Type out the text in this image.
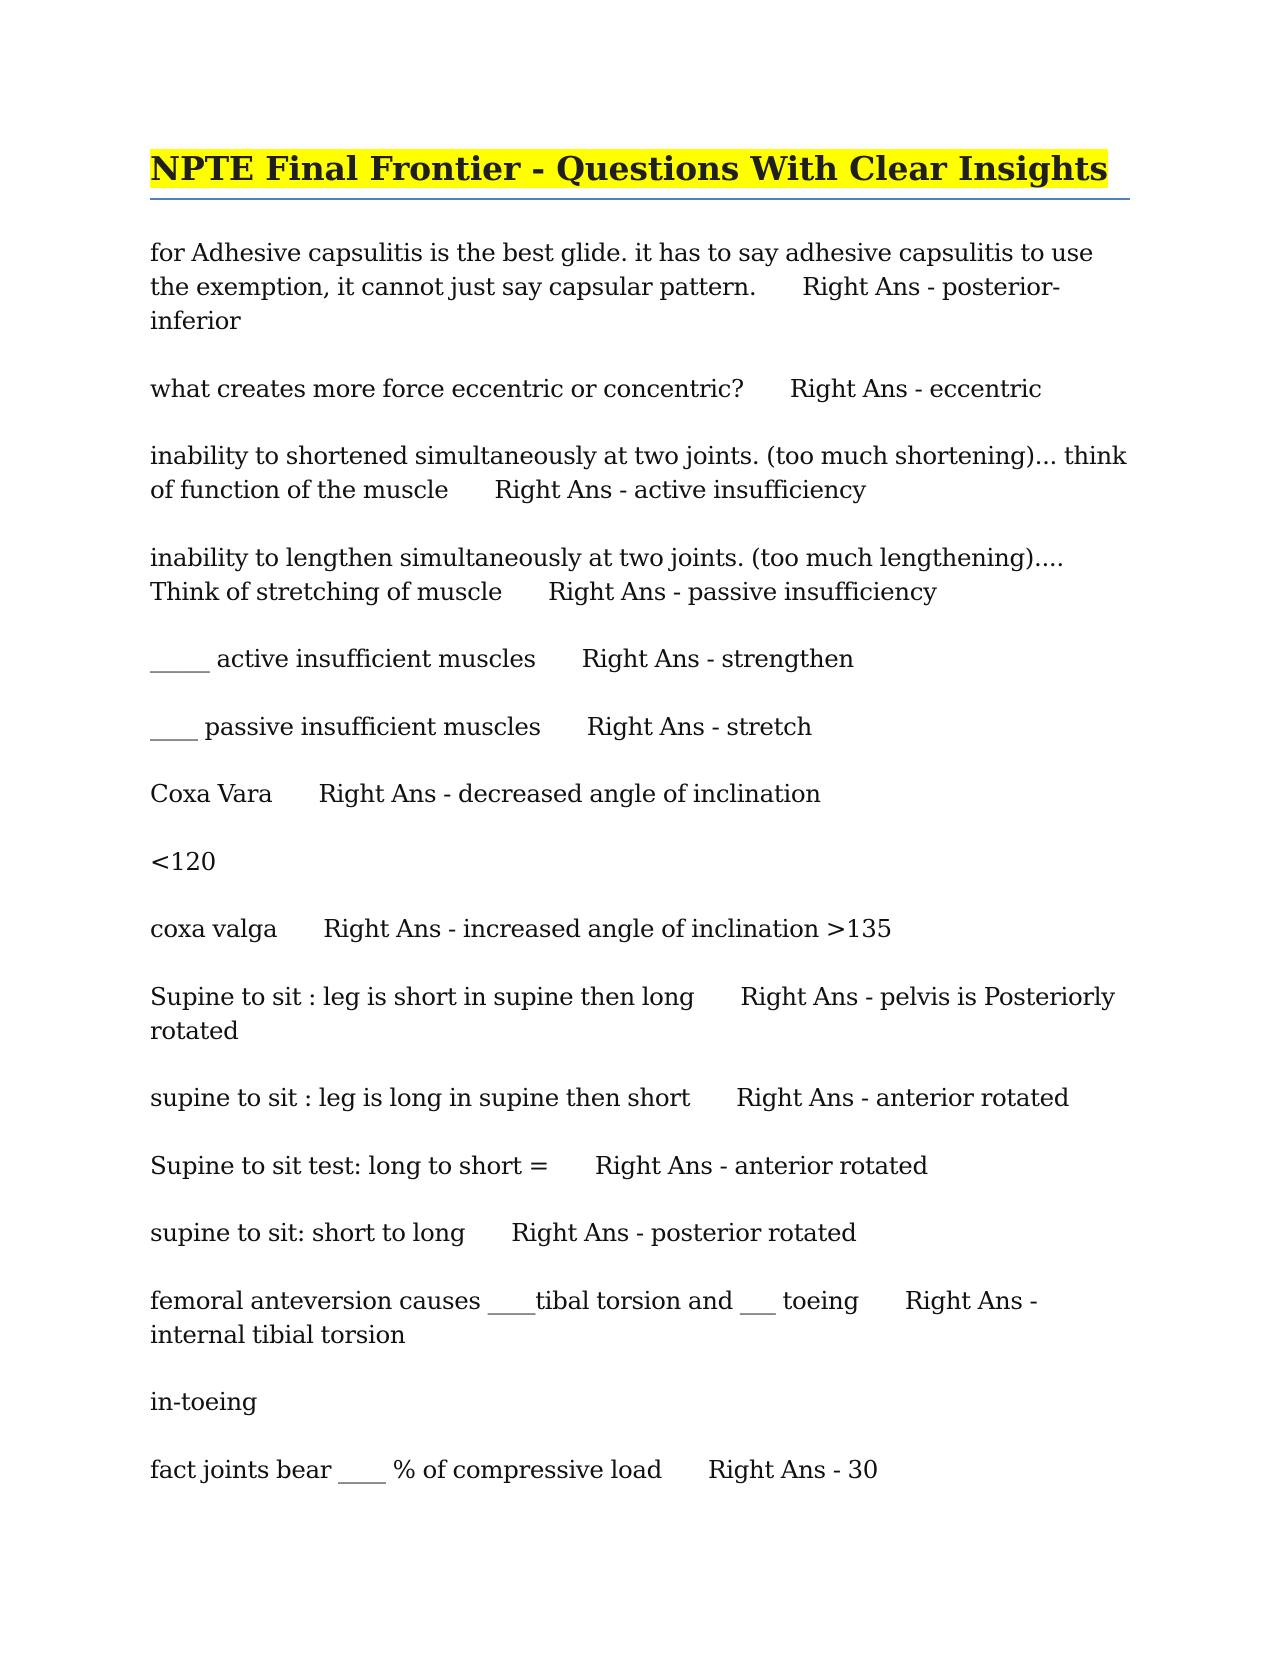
NPTE Final Frontier - Questions With Clear Insights
for Adhesive capsulitis is the best glide. it has to say adhesive capsulitis to use the exemption, it cannot just say capsular pattern. Right Ans - posterior-inferior
what creates more force eccentric or concentric? Right Ans - eccentric
inability to shortened simultaneously at two joints. (too much shortening)... think of function of the muscle Right Ans - active insufficiency
inability to lengthen simultaneously at two joints. (too much lengthening).... Think of stretching of muscle Right Ans - passive insufficiency
_____ active insufficient muscles Right Ans - strengthen
____ passive insufficient muscles Right Ans - stretch
Coxa Vara Right Ans - decreased angle of inclination
<120
coxa valga Right Ans - increased angle of inclination >135
Supine to sit : leg is short in supine then long Right Ans - pelvis is Posteriorly rotated
supine to sit : leg is long in supine then short Right Ans - anterior rotated
Supine to sit test: long to short = Right Ans - anterior rotated
supine to sit: short to long Right Ans - posterior rotated
femoral anteversion causes ____tibal torsion and ___ toeing Right Ans - internal tibial torsion
in-toeing
fact joints bear ____ % of compressive load Right Ans - 30
